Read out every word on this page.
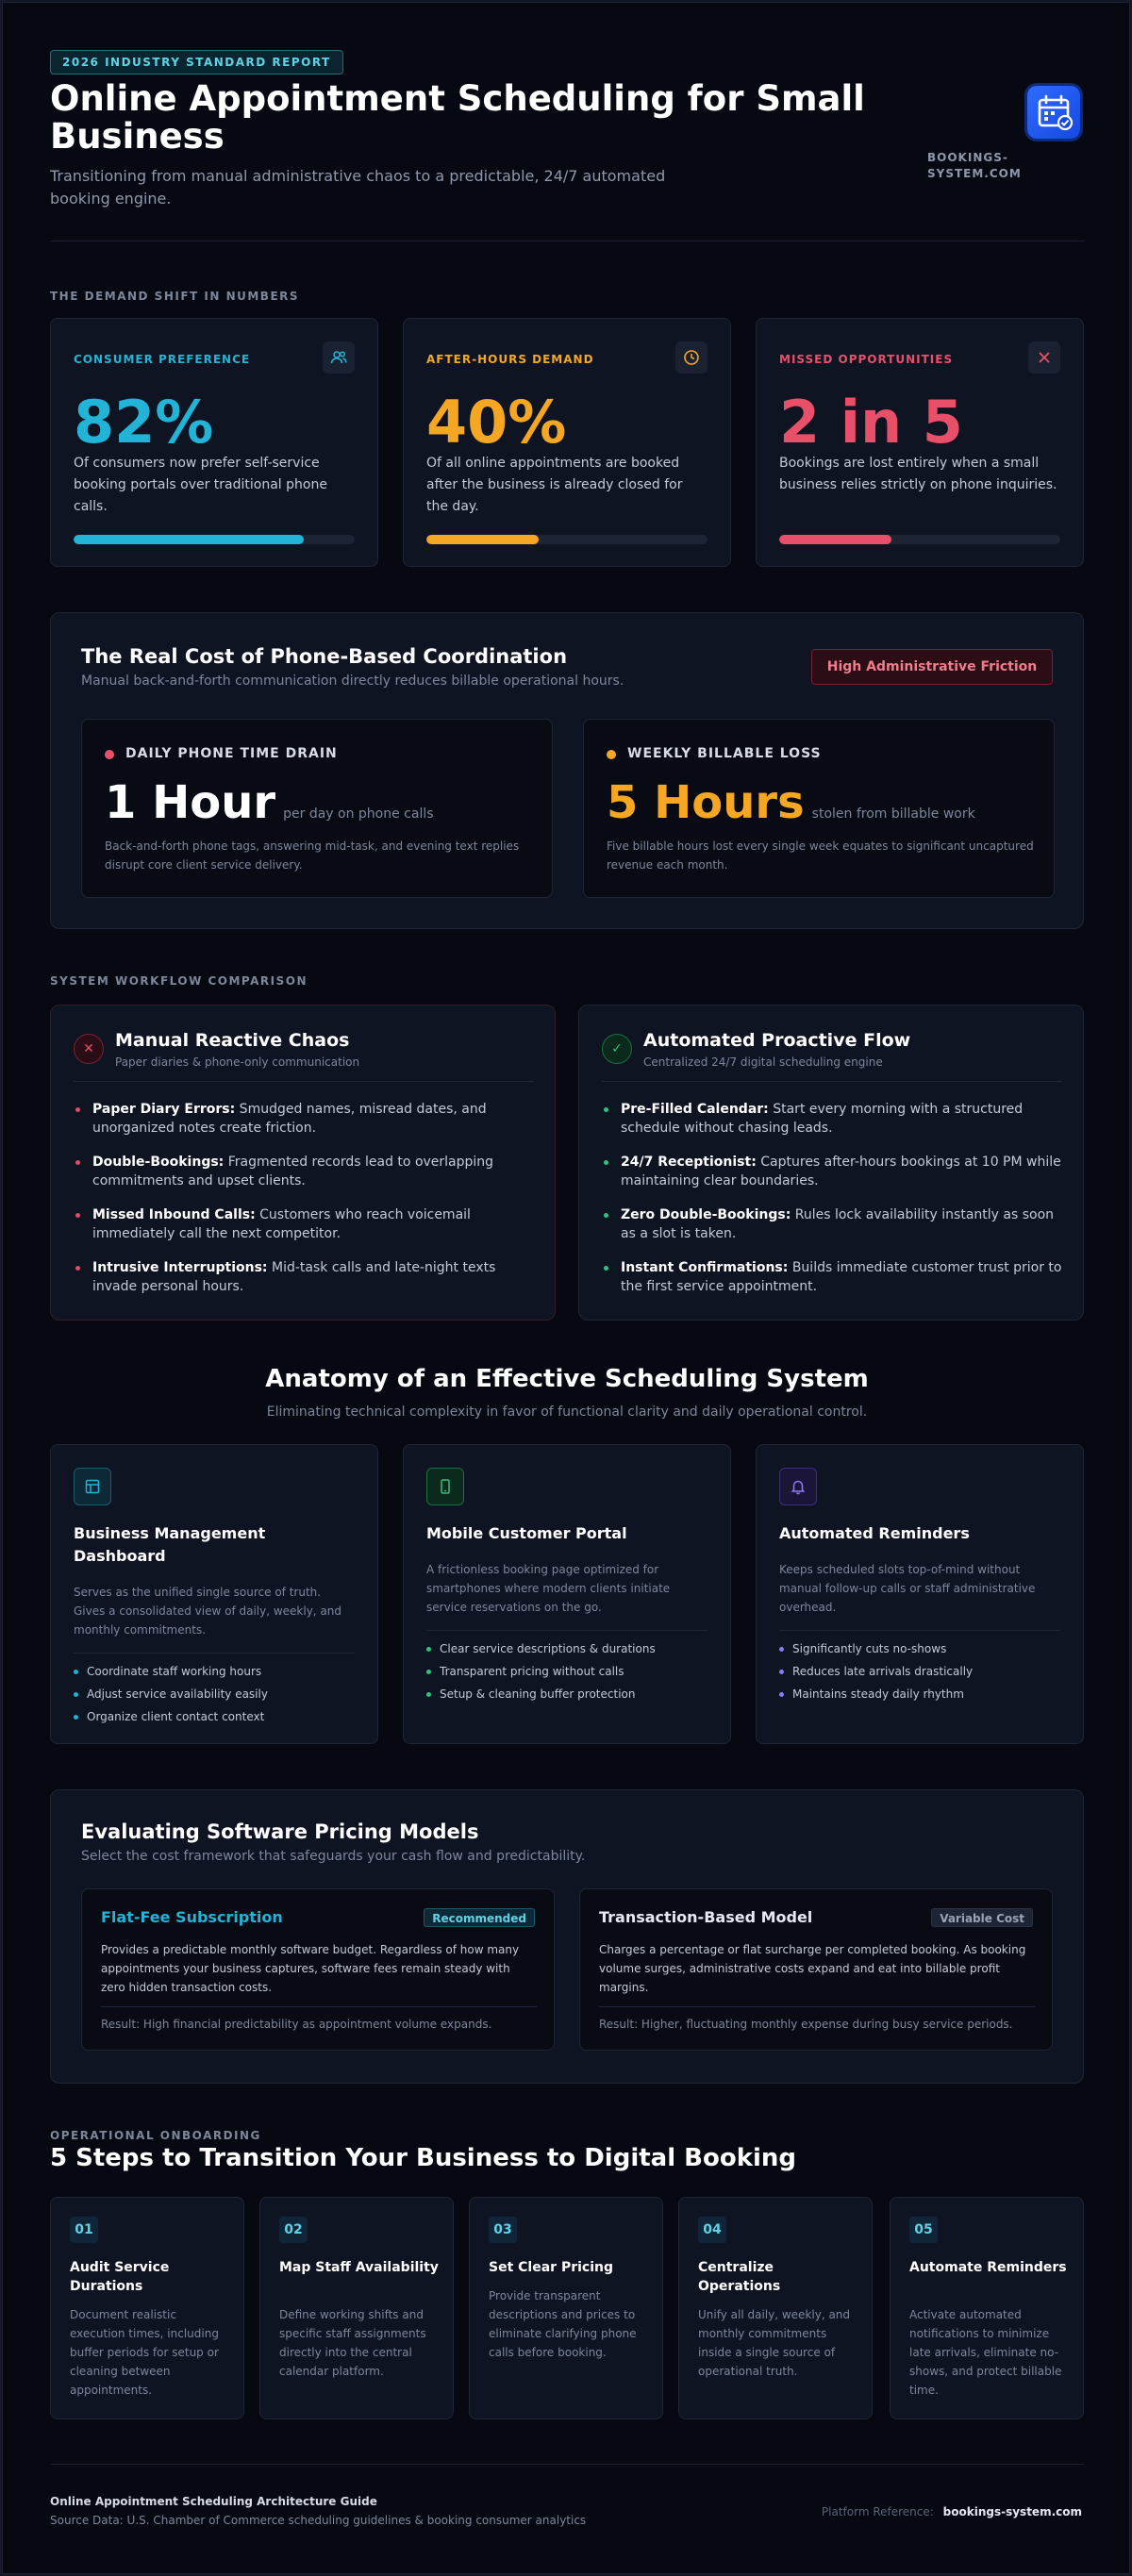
2026 INDUSTRY STANDARD REPORT
Online Appointment Scheduling for Small Business

Transitioning from manual administrative chaos to a predictable, 24/7 automated booking engine.

BOOKINGS-SYSTEM.COM
THE DEMAND SHIFT IN NUMBERS
CONSUMER PREFERENCE
82%
Of consumers now prefer self-service booking portals over traditional phone calls.
AFTER-HOURS DEMAND
40%
Of all online appointments are booked after the business is already closed for the day.
MISSED OPPORTUNITIES
2 in 5
Bookings are lost entirely when a small business relies strictly on phone inquiries.
The Real Cost of Phone-Based Coordination
Manual back-and-forth communication directly reduces billable operational hours.
High Administrative Friction
DAILY PHONE TIME DRAIN
1 Hour per day on phone calls
Back-and-forth phone tags, answering mid-task, and evening text replies disrupt core client service delivery.
WEEKLY BILLABLE LOSS
5 Hours stolen from billable work
Five billable hours lost every single week equates to significant uncaptured revenue each month.
SYSTEM WORKFLOW COMPARISON
✕	Manual Reactive Chaos
Paper diaries & phone-only communication
Paper Diary Errors: Smudged names, misread dates, and unorganized notes create friction.
Double-Bookings: Fragmented records lead to overlapping commitments and upset clients.
Missed Inbound Calls: Customers who reach voicemail immediately call the next competitor.
Intrusive Interruptions: Mid-task calls and late-night texts invade personal hours.
✓	Automated Proactive Flow
Centralized 24/7 digital scheduling engine
Pre-Filled Calendar: Start every morning with a structured schedule without chasing leads.
24/7 Receptionist: Captures after-hours bookings at 10 PM while maintaining clear boundaries.
Zero Double-Bookings: Rules lock availability instantly as soon as a slot is taken.
Instant Confirmations: Builds immediate customer trust prior to the first service appointment.
Anatomy of an Effective Scheduling System
Eliminating technical complexity in favor of functional clarity and daily operational control.
Business Management Dashboard
Serves as the unified single source of truth. Gives a consolidated view of daily, weekly, and monthly commitments.
Coordinate staff working hours
Adjust service availability easily
Organize client contact context
Mobile Customer Portal
A frictionless booking page optimized for smartphones where modern clients initiate service reservations on the go.
Clear service descriptions & durations
Transparent pricing without calls
Setup & cleaning buffer protection
Automated Reminders
Keeps scheduled slots top-of-mind without manual follow-up calls or staff administrative overhead.
Significantly cuts no-shows
Reduces late arrivals drastically
Maintains steady daily rhythm
Evaluating Software Pricing Models
Select the cost framework that safeguards your cash flow and predictability.
Flat-Fee Subscription	Recommended
Provides a predictable monthly software budget. Regardless of how many appointments your business captures, software fees remain steady with zero hidden transaction costs.
Result: High financial predictability as appointment volume expands.
Transaction-Based Model	Variable Cost
Charges a percentage or flat surcharge per completed booking. As booking volume surges, administrative costs expand and eat into billable profit margins.
Result: Higher, fluctuating monthly expense during busy service periods.
OPERATIONAL ONBOARDING
5 Steps to Transition Your Business to Digital Booking
01
Audit Service Durations
Document realistic execution times, including buffer periods for setup or cleaning between appointments.
02
Map Staff Availability
Define working shifts and specific staff assignments directly into the central calendar platform.
03
Set Clear Pricing
Provide transparent descriptions and prices to eliminate clarifying phone calls before booking.
04
Centralize Operations
Unify all daily, weekly, and monthly commitments inside a single source of operational truth.
05
Automate Reminders
Activate automated notifications to minimize late arrivals, eliminate no-shows, and protect billable time.
Online Appointment Scheduling Architecture Guide
Source Data: U.S. Chamber of Commerce scheduling guidelines & booking consumer analytics
Platform Reference: bookings-system.com
